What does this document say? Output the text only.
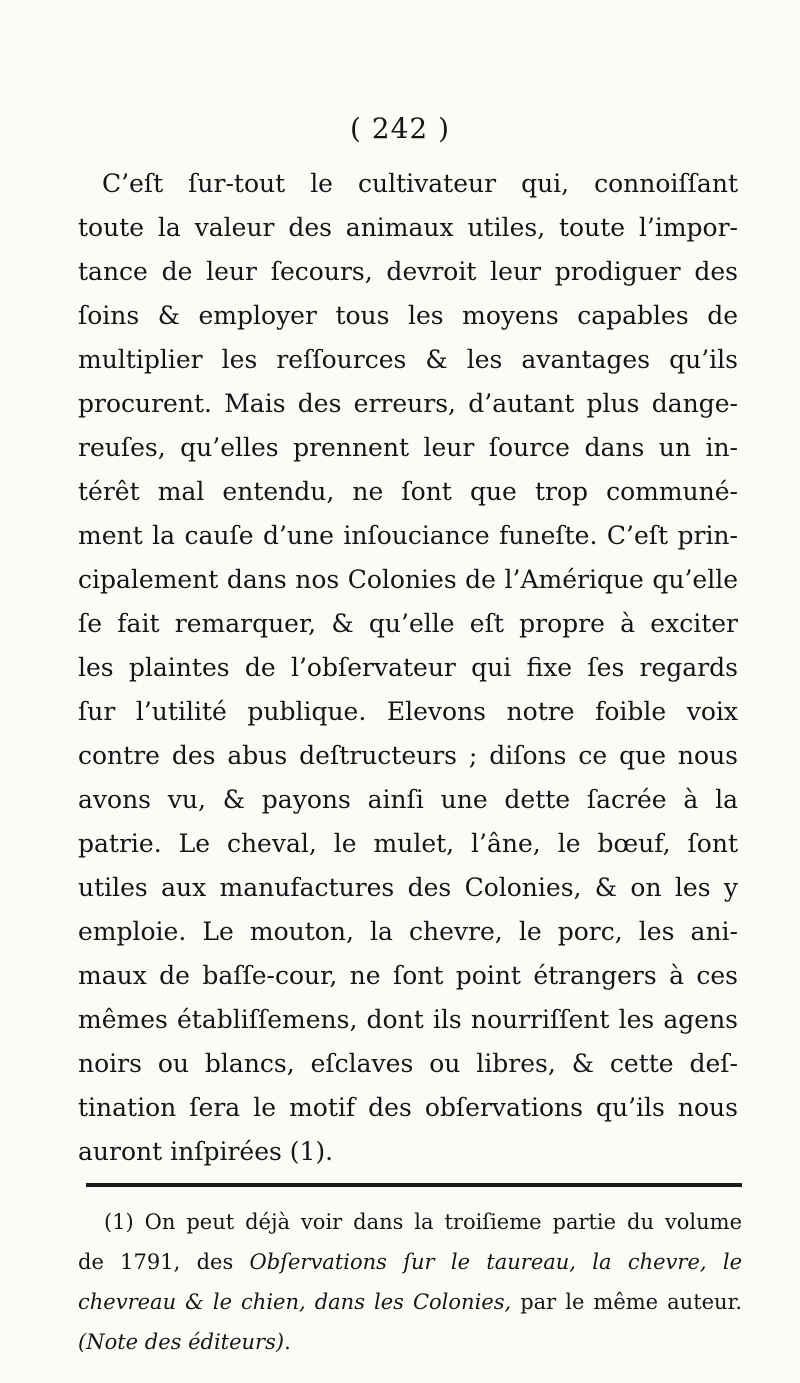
( 242 )
C’eſt ſur-tout le cultivateur qui, connoiſſant
toute la valeur des animaux utiles, toute l’impor-
tance de leur ſecours, devroit leur prodiguer des
ſoins & employer tous les moyens capables de
multiplier les reſſources & les avantages qu’ils
procurent. Mais des erreurs, d’autant plus dange-
reuſes, qu’elles prennent leur ſource dans un in-
térêt mal entendu, ne ſont que trop communé-
ment la cauſe d’une inſouciance funeſte. C’eſt prin-
cipalement dans nos Colonies de l’Amérique qu’elle
ſe fait remarquer, & qu’elle eſt propre à exciter
les plaintes de l’obſervateur qui fixe ſes regards
ſur l’utilité publique. Elevons notre foible voix
contre des abus deſtructeurs ; diſons ce que nous
avons vu, & payons ainſi une dette ſacrée à la
patrie. Le cheval, le mulet, l’âne, le bœuf, ſont
utiles aux manufactures des Colonies, & on les y
emploie. Le mouton, la chevre, le porc, les ani-
maux de baſſe-cour, ne ſont point étrangers à ces
mêmes établiſſemens, dont ils nourriſſent les agens
noirs ou blancs, eſclaves ou libres, & cette deſ-
tination ſera le motif des obſervations qu’ils nous
auront inſpirées (1).
(1) On peut déjà voir dans la troiſieme partie du volume
de 1791, des Obſervations ſur le taureau, la chevre, le
chevreau & le chien, dans les Colonies, par le même auteur.
(Note des éditeurs).
